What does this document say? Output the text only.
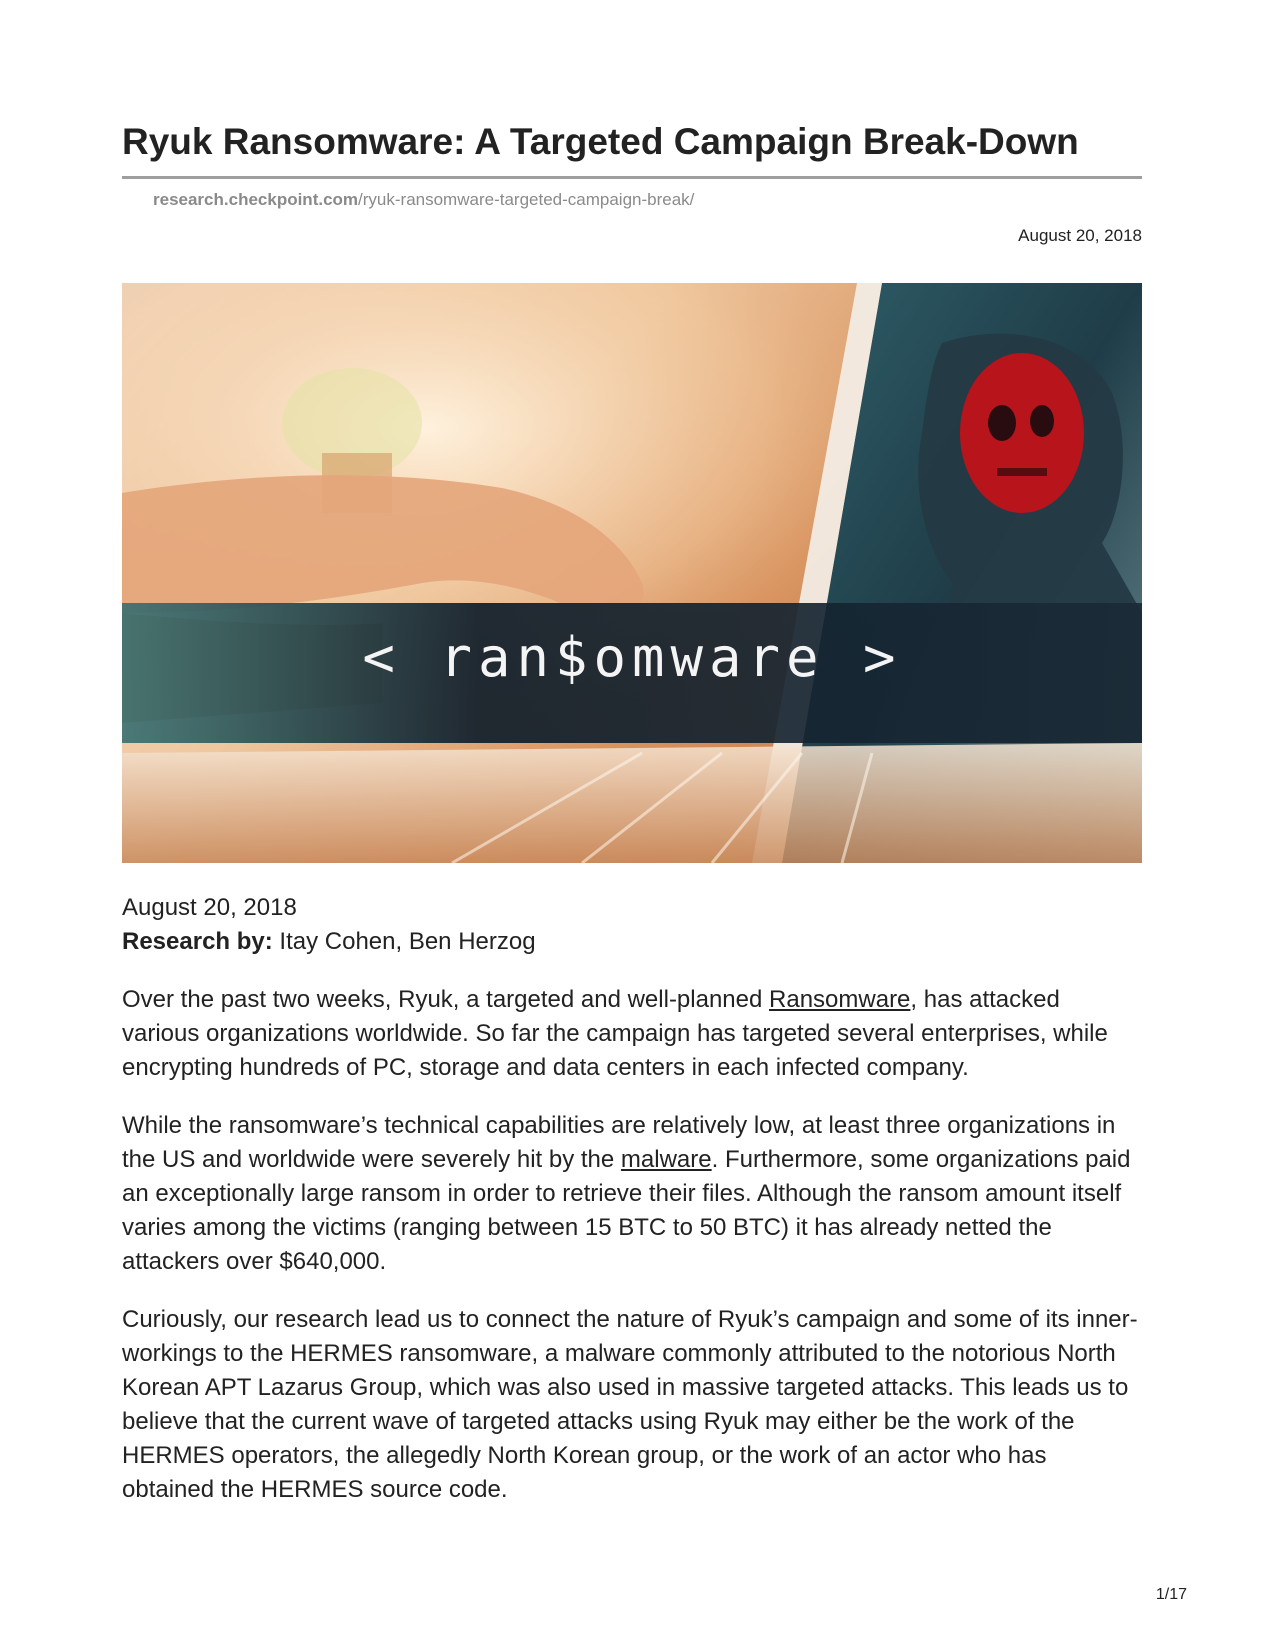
Ryuk Ransomware: A Targeted Campaign Break-Down
research.checkpoint.com/ryuk-ransomware-targeted-campaign-break/
August 20, 2018
< ran$omware >
August 20, 2018
Research by: Itay Cohen, Ben Herzog

Over the past two weeks, Ryuk, a targeted and well-planned Ransomware, has attacked various organizations worldwide. So far the campaign has targeted several enterprises, while encrypting hundreds of PC, storage and data centers in each infected company.

While the ransomware’s technical capabilities are relatively low, at least three organizations in the US and worldwide were severely hit by the malware. Furthermore, some organizations paid an exceptionally large ransom in order to retrieve their files. Although the ransom amount itself varies among the victims (ranging between 15 BTC to 50 BTC) it has already netted the attackers over $640,000.

Curiously, our research lead us to connect the nature of Ryuk’s campaign and some of its inner-workings to the HERMES ransomware, a malware commonly attributed to the notorious North Korean APT Lazarus Group, which was also used in massive targeted attacks. This leads us to believe that the current wave of targeted attacks using Ryuk may either be the work of the HERMES operators, the allegedly North Korean group, or the work of an actor who has obtained the HERMES source code.

1/17
